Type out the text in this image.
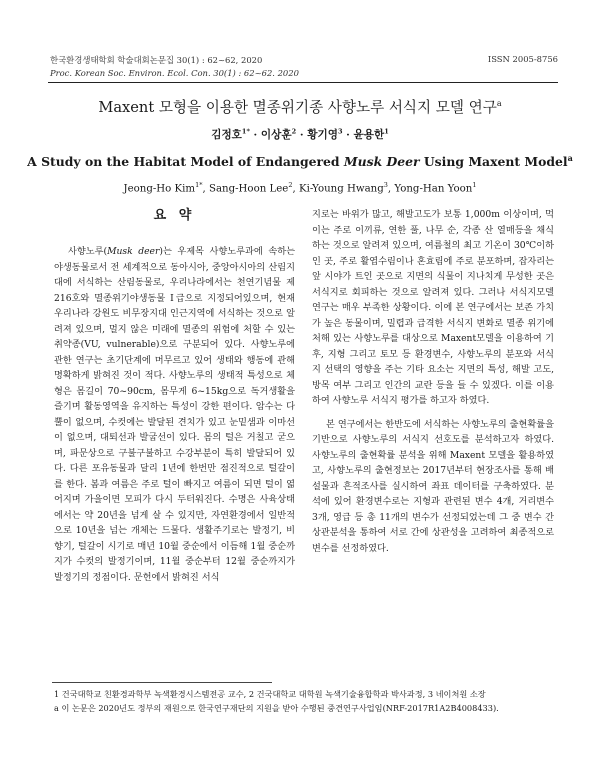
한국환경생태학회 학술대회논문집 30(1) : 62~62, 2020
Proc. Korean Soc. Environ. Ecol. Con. 30(1) : 62~62. 2020
ISSN 2005-8756
Maxent 모형을 이용한 멸종위기종 사향노루 서식지 모델 연구$^a$
김정호$^{1*}$ · 이상훈$^2$ · 황기영$^3$ · 윤용한$^1$
A Study on the Habitat Model of Endangered Musk Deer Using Maxent Model$^a$
Jeong-Ho Kim$^{1*}$, Sang-Hoon Lee$^2$, Ki-Young Hwang$^3$, Yong-Han Yoon$^1$
요 약

사향노루(Musk deer)는 우제목 사향노루과에 속하는 야생동물로서 전 세계적으로 동아시아, 중앙아시아의 산림지대에 서식하는 산림동물로, 우리나라에서는 천연기념물 제216호와 멸종위기야생동물 Ⅰ급으로 지정되어있으며, 현재 우리나라 강원도 비무장지대 인근지역에 서식하는 것으로 알려져 있으며, 멀지 않은 미래에 멸종의 위험에 처할 수 있는 취약종(VU, vulnerable)으로 구분되어 있다. 사향노루에 관한 연구는 초기단계에 머무르고 있어 생태와 행동에 관해 명확하게 밝혀진 것이 적다. 사향노루의 생태적 특성으로 체형은 몸길이 70~90cm, 몸무게 6~15kg으로 독거생활을 즐기며 활동영역을 유지하는 특성이 강한 편이다. 암수는 다 뿔이 없으며, 수컷에는 발달된 견치가 있고 눈밑샘과 이마선이 없으며, 대퇴선과 발굽선이 있다. 몸의 털은 거칠고 굳으며, 파문상으로 구불구불하고 수강부분이 특히 발달되어 있다. 다른 포유동물과 달리 1년에 한번만 점진적으로 털갈이를 한다. 봄과 여름은 주로 털이 빠지고 여름이 되면 털이 엷어지며 가을이면 모피가 다시 두터워진다. 수명은 사육상태에서는 약 20년을 넘게 살 수 있지만, 자연환경에서 일반적으로 10년을 넘는 개체는 드물다. 생활주기로는 발정기, 비향기, 털갈이 시기로 매년 10월 중순에서 이듬해 1월 중순까지가 수컷의 발정기이며, 11월 중순부터 12월 중순까지가 발정기의 정점이다. 문헌에서 밝혀진 서식

지로는 바위가 많고, 해발고도가 보통 1,000m 이상이며, 먹이는 주로 이끼류, 연한 풀, 나무 순, 각종 산 열매등을 채식하는 것으로 알려져 있으며, 여름철의 최고 기온이 30℃이하인 곳, 주로 활엽수림이나 혼효림에 주로 분포하며, 잡자리는 앞 시야가 트인 곳으로 지면의 식물이 지나치게 무성한 곳은 서식지로 회피하는 것으로 알려져 있다. 그러나 서식지모델 연구는 매우 부족한 상황이다. 이에 본 연구에서는 보존 가치가 높은 동물이며, 밀렵과 급격한 서식지 변화로 멸종 위기에 처해 있는 사향노루를 대상으로 Maxent모델을 이용하여 기후, 지형 그리고 토모 등 환경변수, 사향노루의 분포와 서식지 선택의 영향을 주는 기타 요소는 지면의 특성, 해발 고도, 방목 여부 그리고 인간의 교란 등을 들 수 있겠다. 이를 이용하여 사향노루 서식지 평가를 하고자 하였다.

본 연구에서는 한반도에 서식하는 사향노루의 출현확률을 기반으로 사향노루의 서식지 선호도를 분석하고자 하였다. 사향노루의 출현확률 분석을 위해 Maxent 모델을 활용하였고, 사향노루의 출현정보는 2017년부터 현장조사를 통해 배설물과 흔적조사를 실시하여 좌표 데이터를 구축하였다. 분석에 있어 환경변수로는 지형과 관련된 변수 4개, 거리변수 3개, 영급 등 총 11개의 변수가 선정되었는데 그 중 변수 간 상관분석을 통하여 서로 간에 상관성을 고려하여 최종적으로 변수를 선정하였다.

1 건국대학교 친환경과학부 녹색환경시스템전공 교수, 2 건국대학교 대학원 녹색기술융합학과 박사과정, 3 네이처원 소장
a 이 논문은 2020년도 정부의 재원으로 한국연구재단의 지원을 받아 수행된 중견연구사업임(NRF-2017R1A2B4008433).
